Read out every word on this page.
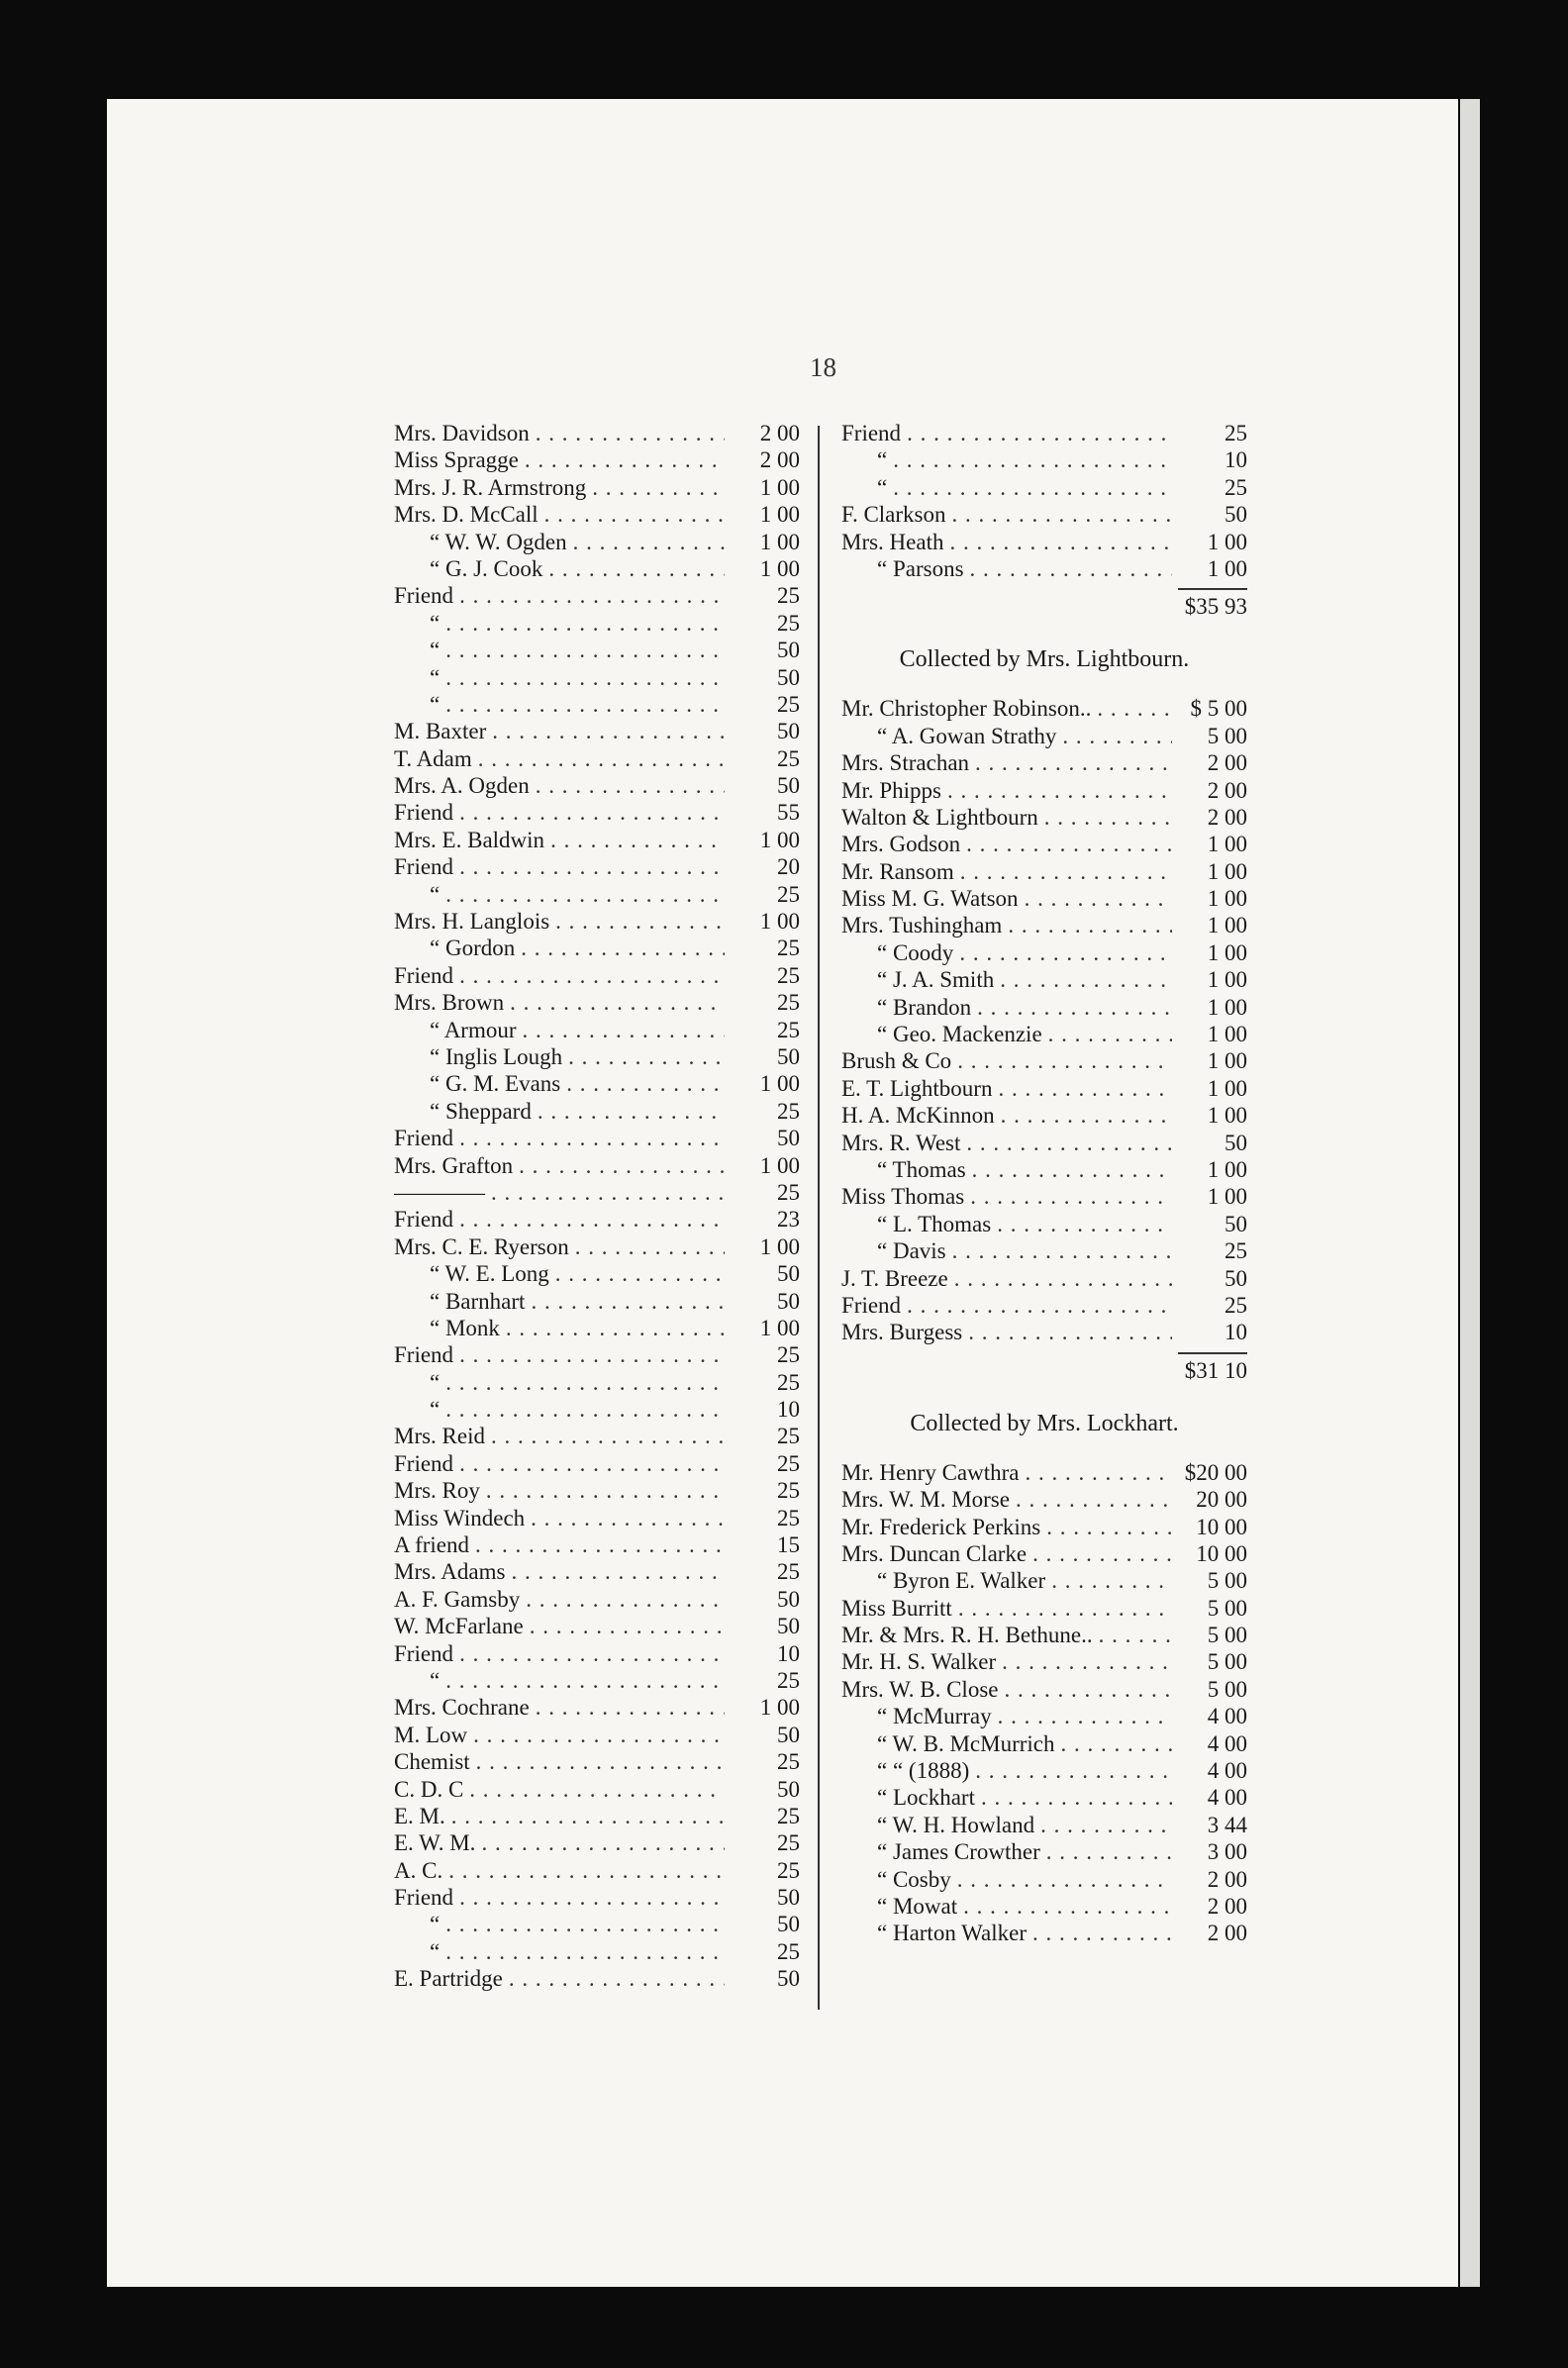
18
Mrs. Davidson . . .	2 00
Miss Spragge . . .	2 00
Mrs. J. R. Armstrong . . .	1 00
Mrs. D. McCall . . .	1 00
“ W. W. Ogden . . .	1 00
“ G. J. Cook . . .	1 00
Friend . . .	25
“ . . .	25
“ . . .	50
“ . . .	50
“ . . .	25
M. Baxter . . .	50
T. Adam . . .	25
Mrs. A. Ogden . . .	50
Friend . . .	55
Mrs. E. Baldwin . . .	1 00
Friend . . .	20
“ . . .	25
Mrs. H. Langlois . . .	1 00
“ Gordon . . .	25
Friend . . .	25
Mrs. Brown . . .	25
“ Armour . . .	25
“ Inglis Lough . . .	50
“ G. M. Evans . . .	1 00
“ Sheppard . . .	25
Friend . . .	50
Mrs. Grafton . . .	1 00
———— . . .	25
Friend . . .	23
Mrs. C. E. Ryerson . . .	1 00
“ W. E. Long . . .	50
“ Barnhart . . .	50
“ Monk . . .	1 00
Friend . . .	25
“ . . .	25
“ . . .	10
Mrs. Reid . . .	25
Friend . . .	25
Mrs. Roy . . .	25
Miss Windech . . .	25
A friend . . .	15
Mrs. Adams . . .	25
A. F. Gamsby . . .	50
W. McFarlane . . .	50
Friend . . .	10
“ . . .	25
Mrs. Cochrane . . .	1 00
M. Low . . .	50
Chemist . . .	25
C. D. C . . .	50
E. M. . . .	25
E. W. M. . . .	25
A. C. . . .	25
Friend . . .	50
“ . . .	50
“ . . .	25
E. Partridge . . .	50
Friend . . .	25
“ . . .	10
“ . . .	25
F. Clarkson . . .	50
Mrs. Heath . . .	1 00
“ Parsons . . .	1 00
$35 93
Collected by Mrs. Lightbourn.
Mr. Christopher Robinson.. . . .	$ 5 00
“ A. Gowan Strathy . . .	5 00
Mrs. Strachan . . .	2 00
Mr. Phipps . . .	2 00
Walton & Lightbourn . . .	2 00
Mrs. Godson . . .	1 00
Mr. Ransom . . .	1 00
Miss M. G. Watson . . .	1 00
Mrs. Tushingham . . .	1 00
“ Coody . . .	1 00
“ J. A. Smith . . .	1 00
“ Brandon . . .	1 00
“ Geo. Mackenzie . . .	1 00
Brush & Co . . .	1 00
E. T. Lightbourn . . .	1 00
H. A. McKinnon . . .	1 00
Mrs. R. West . . .	50
“ Thomas . . .	1 00
Miss Thomas . . .	1 00
“ L. Thomas . . .	50
“ Davis . . .	25
J. T. Breeze . . .	50
Friend . . .	25
Mrs. Burgess . . .	10
$31 10
Collected by Mrs. Lockhart.
Mr. Henry Cawthra . . .	$20 00
Mrs. W. M. Morse . . .	20 00
Mr. Frederick Perkins . . .	10 00
Mrs. Duncan Clarke . . .	10 00
“ Byron E. Walker . . .	5 00
Miss Burritt . . .	5 00
Mr. & Mrs. R. H. Bethune.. . . .	5 00
Mr. H. S. Walker . . .	5 00
Mrs. W. B. Close . . .	5 00
“ McMurray . . .	4 00
“ W. B. McMurrich . . .	4 00
“ “ (1888) . . .	4 00
“ Lockhart . . .	4 00
“ W. H. Howland . . .	3 44
“ James Crowther . . .	3 00
“ Cosby . . .	2 00
“ Mowat . . .	2 00
“ Harton Walker . . .	2 00
